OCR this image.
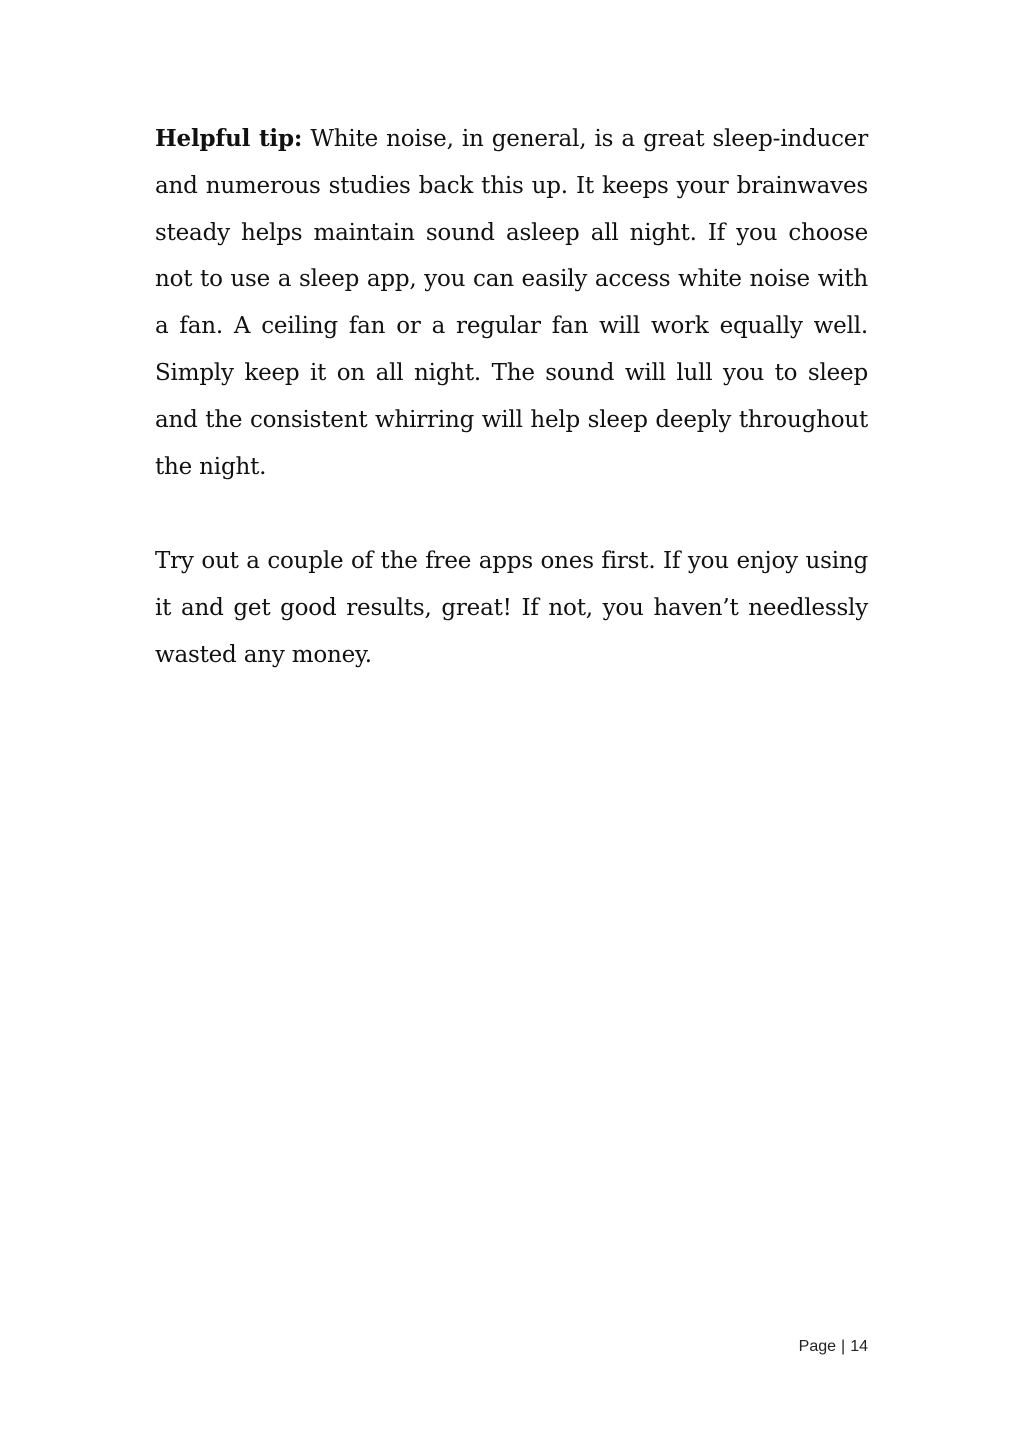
Helpful tip: White noise, in general, is a great sleep-inducer and numerous studies back this up. It keeps your brainwaves steady helps maintain sound asleep all night. If you choose not to use a sleep app, you can easily access white noise with a fan. A ceiling fan or a regular fan will work equally well. Simply keep it on all night. The sound will lull you to sleep and the consistent whirring will help sleep deeply throughout the night.

Try out a couple of the free apps ones first. If you enjoy using it and get good results, great! If not, you haven’t needlessly wasted any money.

Page | 14
